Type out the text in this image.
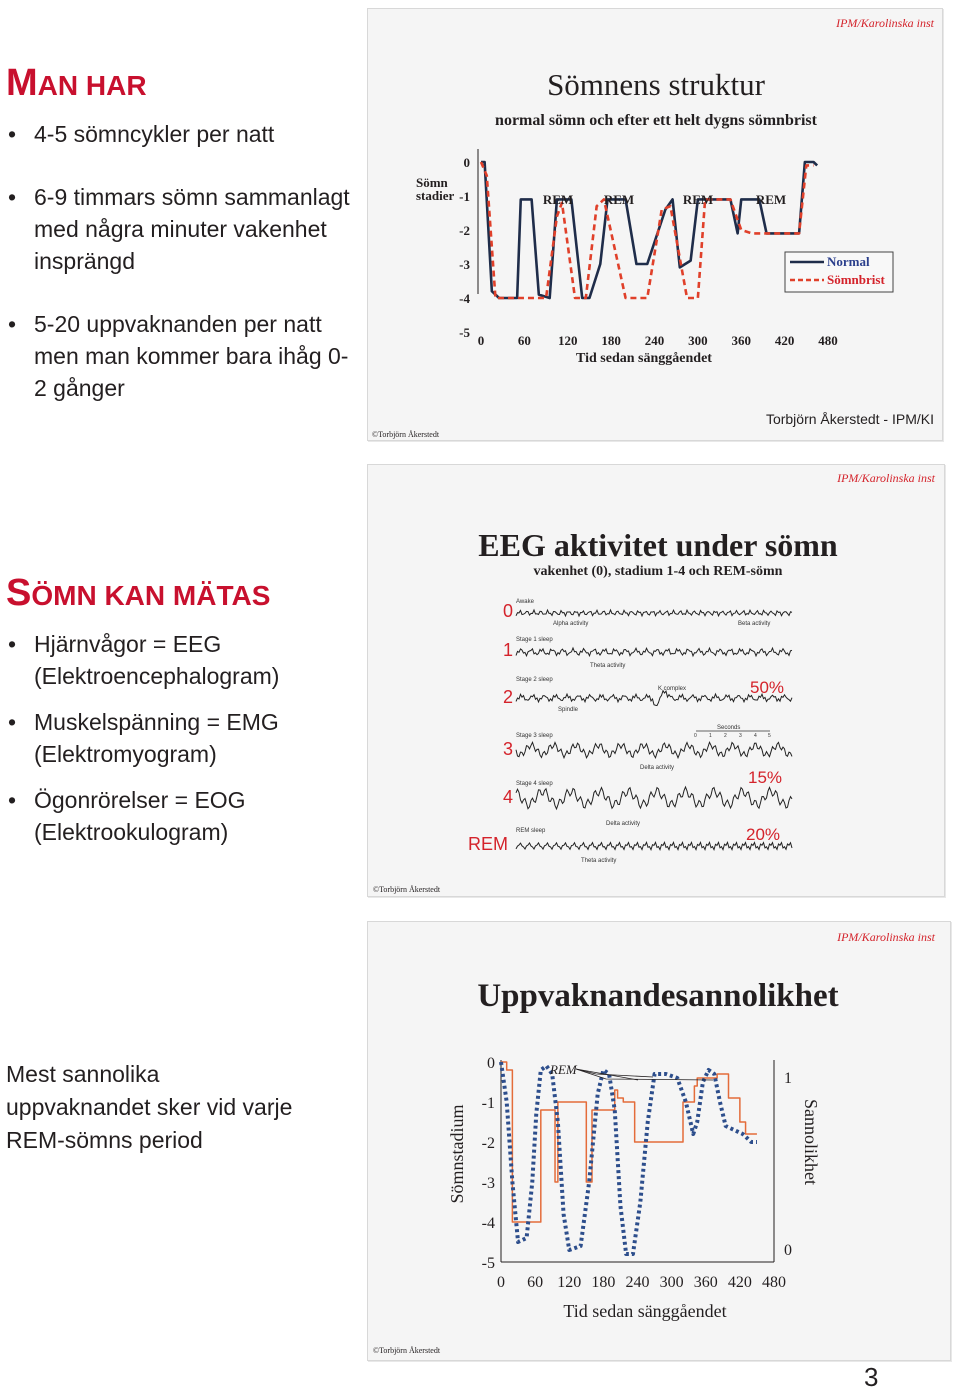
MAN HAR
• 4-5 sömncykler per natt
• 6-9 timmars sömn sammanlagt med några minuter vakenhet insprängd
• 5-20 uppvaknanden per natt men man kommer bara ihåg 0-2 gånger
IPM/Karolinska inst
Sömnens struktur
normal sömn och efter ett helt dygns sömnbrist
Sömn
stadier
0
-1
-2
-3
-4
-5
0	60 120 180 240 300 360 420 480
Tid sedan sänggåendet
REM REM	REM	REM
Normal
Sömnbrist
Torbjörn Åkerstedt - IPM/KI
©Torbjörn Åkerstedt
SÖMN KAN MÄTAS
• Hjärnvågor = EEG (Elektroencephalogram)
• Muskelspänning = EMG (Elektromyogram)
• Ögonrörelser = EOG (Elektrookulogram)
IPM/Karolinska inst
EEG aktivitet under sömn
vakenhet (0), stadium 1-4 och REM-sömn
0
1
2
3
4
REM
Awake
Stage 1 sleep
Stage 2 sleep
Stage 3 sleep
Stage 4 sleep
REM sleep
Alpha activity	Beta activity
Theta activity
K complex
Spindle
Delta activity
Delta activity
Theta activity
50%
15%
20%
Seconds
0 1 2 3 4 5
©Torbjörn Åkerstedt

Mest sannolika uppvaknandet sker vid varje REM-sömns period

IPM/Karolinska inst
Uppvaknandesannolikhet
Sömnstadium	Sannolikhet
0
-1
-2
-3
-4
-5
0 60 120 180 240 300 360 420 480
1
0
Tid sedan sänggåendet
REM
©Torbjörn Åkerstedt
3
